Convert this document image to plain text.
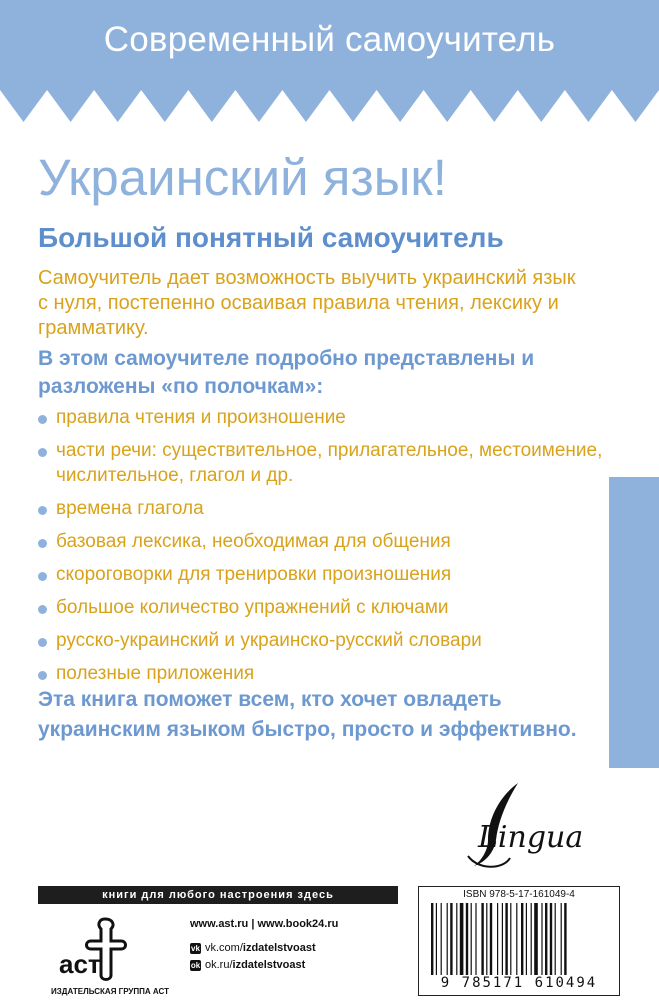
Современный самоучитель
Украинский язык!
Большой понятный самоучитель
Самоучитель дает возможность выучить украинский язык с нуля, постепенно осваивая правила чтения, лексику и грамматику.
В этом самоучителе подробно представлены и разложены «по полочкам»:
правила чтения и произношение
части речи: существительное, прилагательное, местоимение, числительное, глагол и др.
времена глагола
базовая лексика, необходимая для общения
скороговорки для тренировки произношения
большое количество упражнений с ключами
русско-украинский и украинско-русский словари
полезные приложения
Эта книга поможет всем, кто хочет овладеть украинским языком быстро, просто и эффективно.
Lingua
книги для любого настроения здесь
аст
ИЗДАТЕЛЬСКАЯ ГРУППА АСТ
www.ast.ru | www.book24.ru
vk vk.com/ izdatelstvoast
ok ok.ru/ izdatelstvoast
ISBN 978-5-17-161049-4
9 785171 610494
